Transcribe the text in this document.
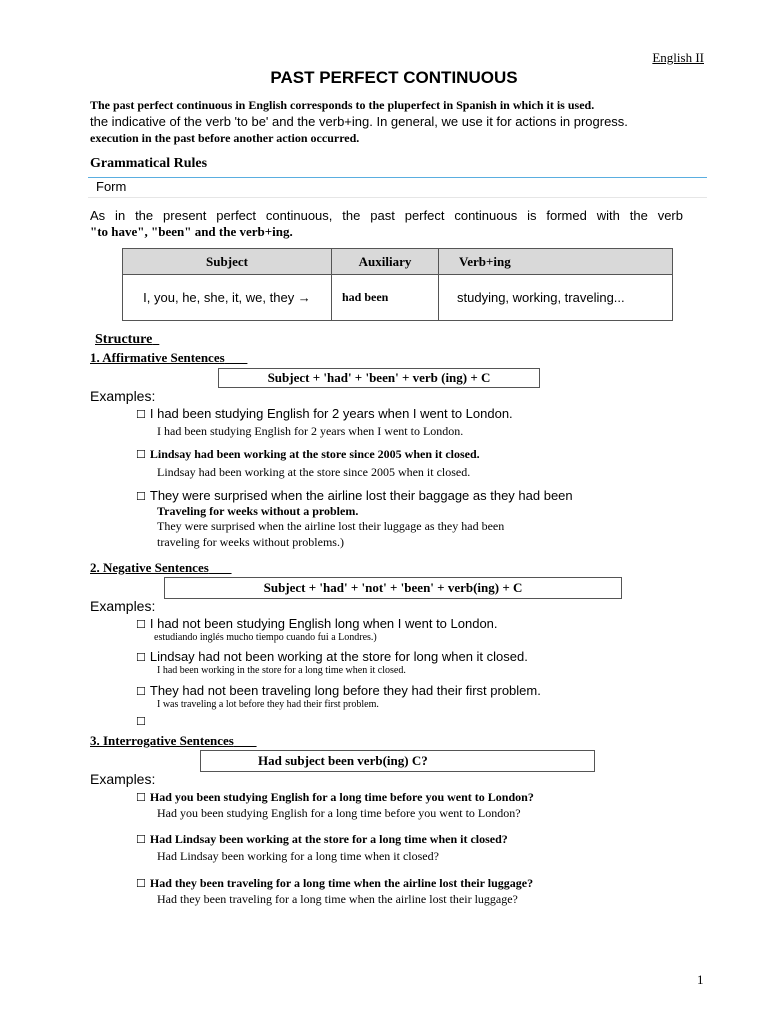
English II
PAST PERFECT CONTINUOUS
The past perfect continuous in English corresponds to the pluperfect in Spanish in which it is used.
the indicative of the verb 'to be' and the verb+ing. In general, we use it for actions in progress.
execution in the past before another action occurred.
Grammatical Rules
Form
As in the present perfect continuous, the past perfect continuous is formed with the verb
"to have", "been" and the verb+ing.
Subject	Auxiliary	Verb+ing
I, you, he, she, it, we, they →	had been	studying, working, traveling...
Structure
1. Affirmative Sentences
Subject + 'had' + 'been' + verb (ing) + C
Examples:
☐ I had been studying English for 2 years when I went to London.
I had been studying English for 2 years when I went to London.
☐ Lindsay had been working at the store since 2005 when it closed.
Lindsay had been working at the store since 2005 when it closed.
☐ They were surprised when the airline lost their baggage as they had been
Traveling for weeks without a problem.
They were surprised when the airline lost their luggage as they had been
traveling for weeks without problems.)
2. Negative Sentences
Subject + 'had' + 'not' + 'been' + verb(ing) + C
Examples:
☐ I had not been studying English long when I went to London.
estudiando inglés mucho tiempo cuando fui a Londres.)
☐ Lindsay had not been working at the store for long when it closed.
I had been working in the store for a long time when it closed.
☐ They had not been traveling long before they had their first problem.
I was traveling a lot before they had their first problem.
☐
3. Interrogative Sentences
Had subject been verb(ing) C?
Examples:
☐ Had you been studying English for a long time before you went to London?
Had you been studying English for a long time before you went to London?
☐ Had Lindsay been working at the store for a long time when it closed?
Had Lindsay been working for a long time when it closed?
☐ Had they been traveling for a long time when the airline lost their luggage?
Had they been traveling for a long time when the airline lost their luggage?
1
